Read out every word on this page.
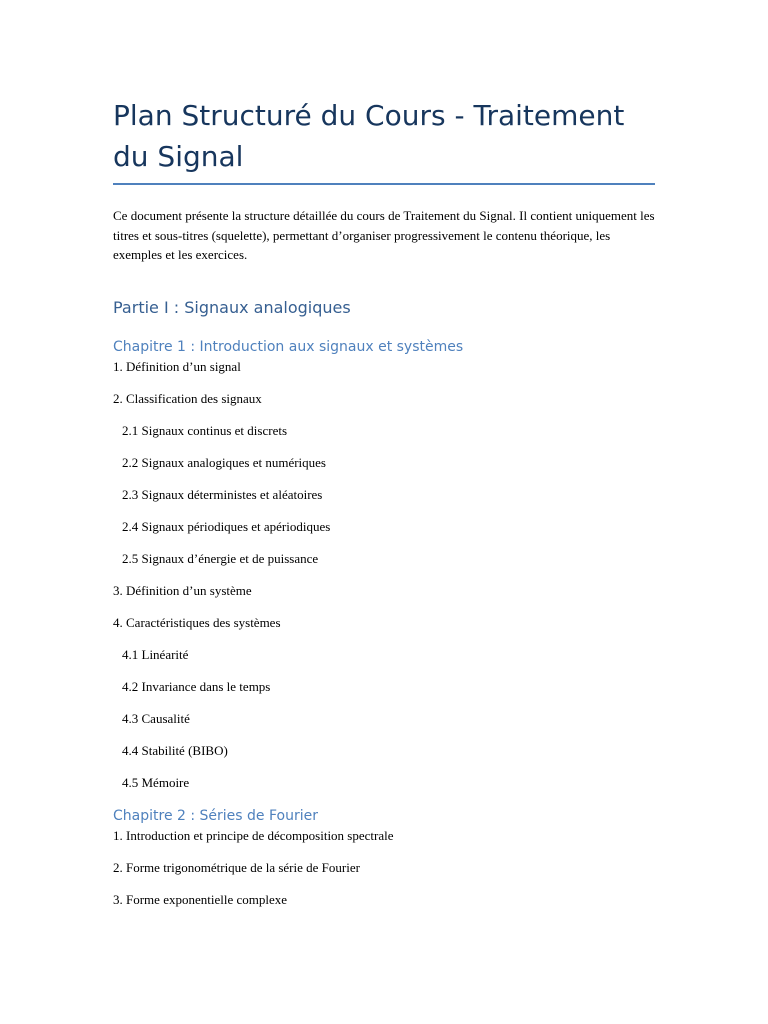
Plan Structuré du Cours - Traitement du Signal

Ce document présente la structure détaillée du cours de Traitement du Signal. Il contient uniquement les titres et sous-titres (squelette), permettant d’organiser progressivement le contenu théorique, les exemples et les exercices.

Partie I : Signaux analogiques
Chapitre 1 : Introduction aux signaux et systèmes

1. Définition d’un signal

2. Classification des signaux

2.1 Signaux continus et discrets

2.2 Signaux analogiques et numériques

2.3 Signaux déterministes et aléatoires

2.4 Signaux périodiques et apériodiques

2.5 Signaux d’énergie et de puissance

3. Définition d’un système

4. Caractéristiques des systèmes

4.1 Linéarité

4.2 Invariance dans le temps

4.3 Causalité

4.4 Stabilité (BIBO)

4.5 Mémoire

Chapitre 2 : Séries de Fourier

1. Introduction et principe de décomposition spectrale

2. Forme trigonométrique de la série de Fourier

3. Forme exponentielle complexe
